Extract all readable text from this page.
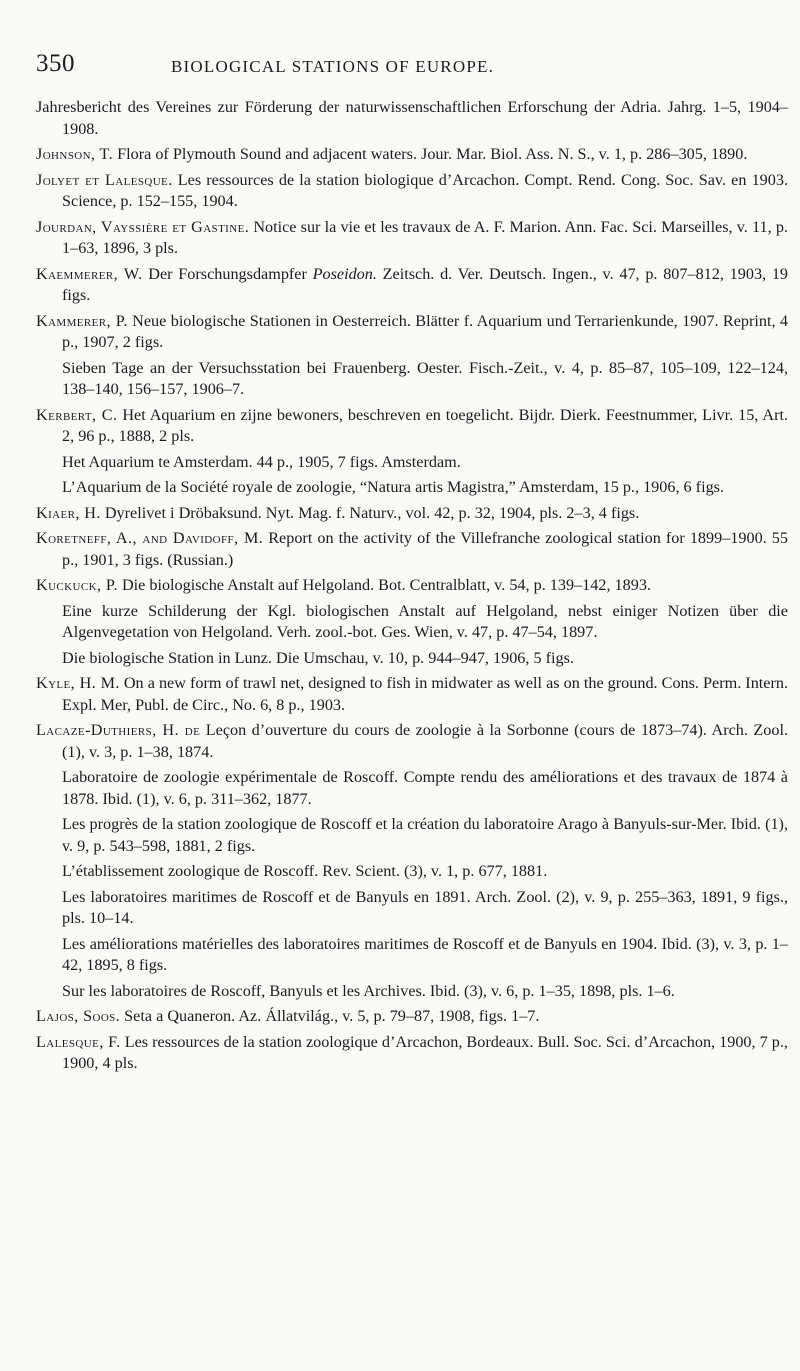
350	BIOLOGICAL STATIONS OF EUROPE.

Jahresbericht des Vereines zur Förderung der naturwissenschaftlichen Erforschung der Adria. Jahrg. 1–5, 1904–1908.

Johnson, T. Flora of Plymouth Sound and adjacent waters. Jour. Mar. Biol. Ass. N. S., v. 1, p. 286–305, 1890.

Jolyet et Lalesque. Les ressources de la station biologique d’Arcachon. Compt. Rend. Cong. Soc. Sav. en 1903. Science, p. 152–155, 1904.

Jourdan, Vayssière et Gastine. Notice sur la vie et les travaux de A. F. Marion. Ann. Fac. Sci. Marseilles, v. 11, p. 1–63, 1896, 3 pls.

Kaemmerer, W. Der Forschungsdampfer Poseidon. Zeitsch. d. Ver. Deutsch. Ingen., v. 47, p. 807–812, 1903, 19 figs.

Kammerer, P. Neue biologische Stationen in Oesterreich. Blätter f. Aquarium und Terrarienkunde, 1907. Reprint, 4 p., 1907, 2 figs.

Sieben Tage an der Versuchsstation bei Frauenberg. Oester. Fisch.-Zeit., v. 4, p. 85–87, 105–109, 122–124, 138–140, 156–157, 1906–7.

Kerbert, C. Het Aquarium en zijne bewoners, beschreven en toegelicht. Bijdr. Dierk. Feestnummer, Livr. 15, Art. 2, 96 p., 1888, 2 pls.

Het Aquarium te Amsterdam. 44 p., 1905, 7 figs. Amsterdam.

L’Aquarium de la Société royale de zoologie, “Natura artis Magistra,” Amsterdam, 15 p., 1906, 6 figs.

Kiaer, H. Dyrelivet i Dröbaksund. Nyt. Mag. f. Naturv., vol. 42, p. 32, 1904, pls. 2–3, 4 figs.

Koretneff, A., and Davidoff, M. Report on the activity of the Villefranche zoological station for 1899–1900. 55 p., 1901, 3 figs. (Russian.)

Kuckuck, P. Die biologische Anstalt auf Helgoland. Bot. Centralblatt, v. 54, p. 139–142, 1893.

Eine kurze Schilderung der Kgl. biologischen Anstalt auf Helgoland, nebst einiger Notizen über die Algenvegetation von Helgoland. Verh. zool.-bot. Ges. Wien, v. 47, p. 47–54, 1897.

Die biologische Station in Lunz. Die Umschau, v. 10, p. 944–947, 1906, 5 figs.

Kyle, H. M. On a new form of trawl net, designed to fish in midwater as well as on the ground. Cons. Perm. Intern. Expl. Mer, Publ. de Circ., No. 6, 8 p., 1903.

Lacaze-Duthiers, H. de Leçon d’ouverture du cours de zoologie à la Sorbonne (cours de 1873–74). Arch. Zool. (1), v. 3, p. 1–38, 1874.

Laboratoire de zoologie expérimentale de Roscoff. Compte rendu des améliorations et des travaux de 1874 à 1878. Ibid. (1), v. 6, p. 311–362, 1877.

Les progrès de la station zoologique de Roscoff et la création du laboratoire Arago à Banyuls-sur-Mer. Ibid. (1), v. 9, p. 543–598, 1881, 2 figs.

L’établissement zoologique de Roscoff. Rev. Scient. (3), v. 1, p. 677, 1881.

Les laboratoires maritimes de Roscoff et de Banyuls en 1891. Arch. Zool. (2), v. 9, p. 255–363, 1891, 9 figs., pls. 10–14.

Les améliorations matérielles des laboratoires maritimes de Roscoff et de Banyuls en 1904. Ibid. (3), v. 3, p. 1–42, 1895, 8 figs.

Sur les laboratoires de Roscoff, Banyuls et les Archives. Ibid. (3), v. 6, p. 1–35, 1898, pls. 1–6.

Lajos, Soos. Seta a Quaneron. Az. Állatvilág., v. 5, p. 79–87, 1908, figs. 1–7.

Lalesque, F. Les ressources de la station zoologique d’Arcachon, Bordeaux. Bull. Soc. Sci. d’Arcachon, 1900, 7 p., 1900, 4 pls.
